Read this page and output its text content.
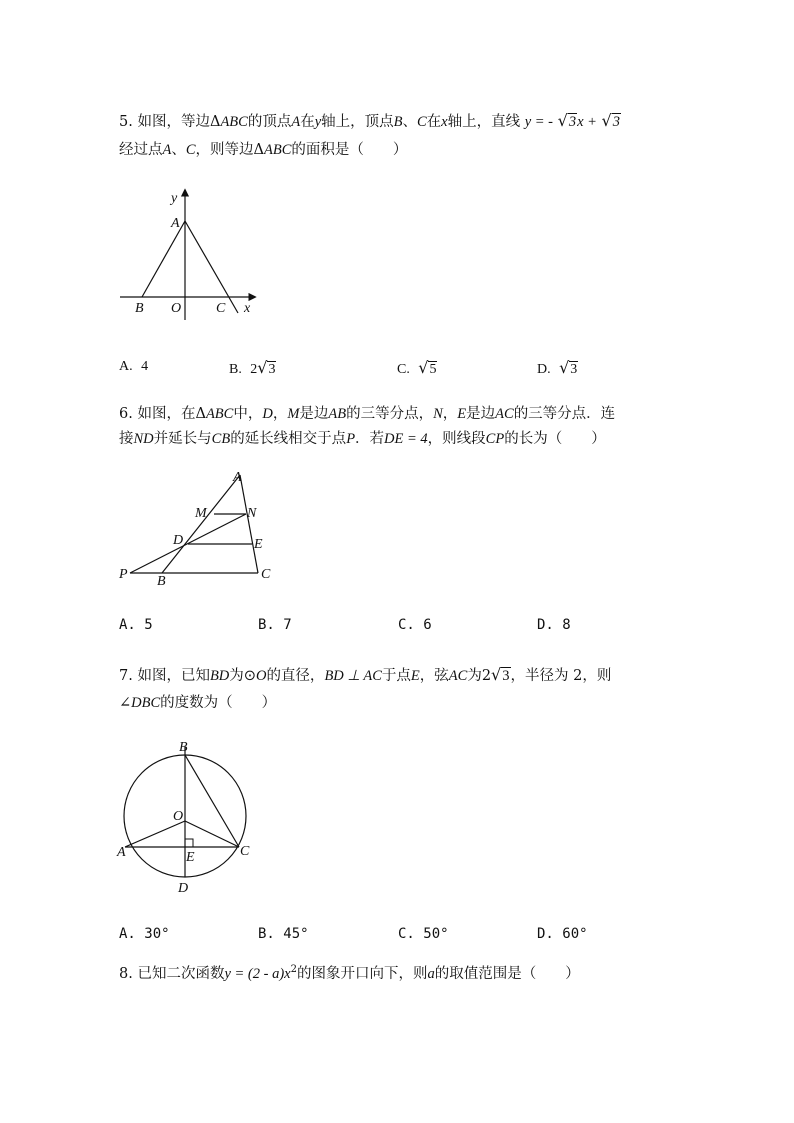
5. 如图，等边ΔABC的顶点A在y轴上，顶点B、C在x轴上，直线 y = - √3x + √3
经过点A、C，则等边ΔABC的面积是（　　）
y
A
B O C x
A. 4	B. 2√3	C. √5	D. √3
6. 如图，在ΔABC中，D，M是边AB的三等分点，N，E是边AC的三等分点．连
接ND并延长与CB的延长线相交于点P．若DE = 4，则线段CP的长为（　　）
A
M	N
D	E
P B	C
A. 5	B. 7	C. 6	D. 8
7. 如图，已知BD为⊙O的直径，BD ⊥ AC于点E，弦AC为2√3，半径为 2，则
∠DBC的度数为（　　）
B
O
A	E	C
D
A. 30°	B. 45°	C. 50°	D. 60°
8. 已知二次函数$y = (2 - a)x^2$的图象开口向下，则a的取值范围是（　　）
